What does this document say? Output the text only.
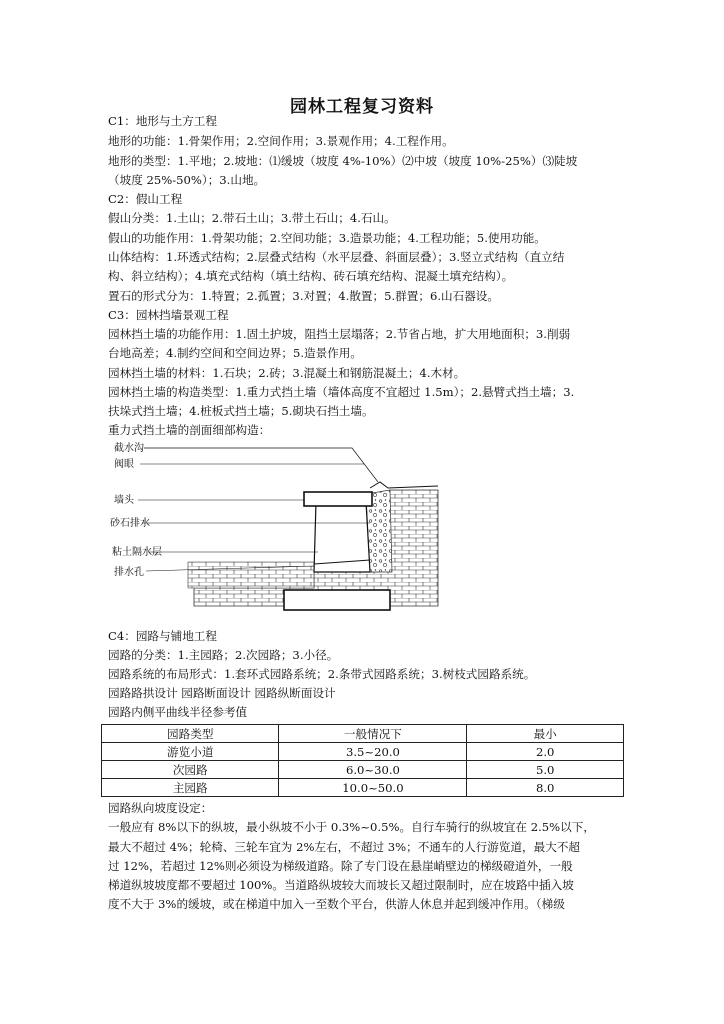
园林工程复习资料
C1：地形与土方工程
地形的功能：1.骨架作用；2.空间作用；3.景观作用；4.工程作用。
地形的类型：1.平地；2.坡地：⑴缓坡（坡度 4%-10%）⑵中坡（坡度 10%-25%）⑶陡坡
（坡度 25%-50%）；3.山地。
C2：假山工程
假山分类：1.土山；2.带石土山；3.带土石山；4.石山。
假山的功能作用：1.骨架功能；2.空间功能；3.造景功能；4.工程功能；5.使用功能。
山体结构：1.环透式结构；2.层叠式结构（水平层叠、斜面层叠）；3.竖立式结构（直立结
构、斜立结构）；4.填充式结构（填土结构、砖石填充结构、混凝土填充结构）。
置石的形式分为：1.特置；2.孤置；3.对置；4.散置；5.群置；6.山石器设。
C3：园林挡墙景观工程
园林挡土墙的功能作用：1.固土护坡，阻挡土层塌落；2.节省占地，扩大用地面积；3.削弱
台地高差；4.制约空间和空间边界；5.造景作用。
园林挡土墙的材料：1.石块；2.砖；3.混凝土和钢筋混凝土；4.木材。
园林挡土墙的构造类型：1.重力式挡土墙（墙体高度不宜超过 1.5m）；2.悬臂式挡土墙；3.
扶垛式挡土墙；4.桩板式挡土墙；5.砌块石挡土墙。
重力式挡土墙的剖面细部构造：
截水沟
阀眼
墙头
砂石排水
粘土隔水层
排水孔
C4：园路与铺地工程
园路的分类：1.主园路；2.次园路；3.小径。
园路系统的布局形式：1.套环式园路系统；2.条带式园路系统；3.树枝式园路系统。
园路路拱设计 园路断面设计 园路纵断面设计
园路内侧平曲线半径参考值
园路类型	一般情况下	最小
游览小道	3.5~20.0	2.0
次园路	6.0~30.0	5.0
主园路	10.0~50.0	8.0
园路纵向坡度设定：
一般应有 8%以下的纵坡，最小纵坡不小于 0.3%~0.5%。自行车骑行的纵坡宜在 2.5%以下，
最大不超过 4%；轮椅、三轮车宜为 2%左右，不超过 3%；不通车的人行游览道，最大不超
过 12%，若超过 12%则必须设为梯级道路。除了专门设在悬崖峭壁边的梯级磴道外，一般
梯道纵坡坡度都不要超过 100%。当道路纵坡较大而坡长又超过限制时，应在坡路中插入坡
度不大于 3%的缓坡，或在梯道中加入一至数个平台，供游人休息并起到缓冲作用。（梯级
